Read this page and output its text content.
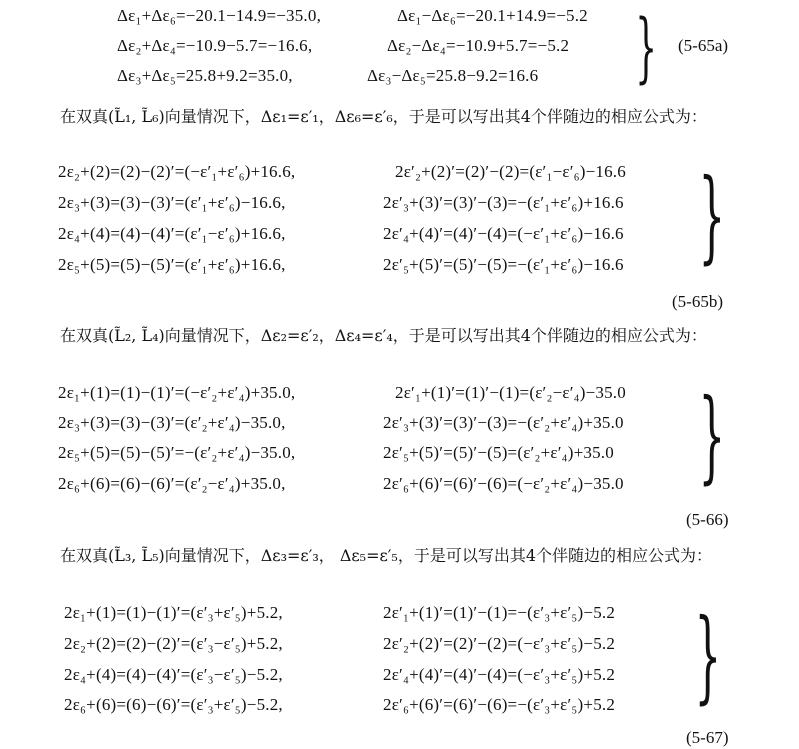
Δε₁+Δε₆=−20.1−14.9=−35.0,	Δε₁−Δε₆=−20.1+14.9=−5.2
Δε₂+Δε₄=−10.9−5.7=−16.6,	Δε₂−Δε₄=−10.9+5.7=−5.2
Δε₃+Δε₅=25.8+9.2=35.0,	Δε₃−Δε₅=25.8−9.2=16.6 } (5-65a)
在双真(L̃₁, L̃₆)向量情况下，Δε₁=ε′₁，Δε₆=ε′₆，于是可以写出其4个伴随边的相应公式为：
2ε₂+(2)=(2)−(2)′=(−ε′₁+ε′₆)+16.6,	2ε′₂+(2)′=(2)′−(2)=(ε′₁−ε′₆)−16.6
2ε₃+(3)=(3)−(3)′=(ε′₁+ε′₆)−16.6,	2ε′₃+(3)′=(3)′−(3)=−(ε′₁+ε′₆)+16.6
2ε₄+(4)=(4)−(4)′=(ε′₁−ε′₆)+16.6,	2ε′₄+(4)′=(4)′−(4)=(−ε′₁+ε′₆)−16.6
2ε₅+(5)=(5)−(5)′=(ε′₁+ε′₆)+16.6,	2ε′₅+(5)′=(5)′−(5)=−(ε′₁+ε′₆)−16.6 }
(5-65b)
在双真(L̃₂, L̃₄)向量情况下，Δε₂=ε′₂，Δε₄=ε′₄，于是可以写出其4个伴随边的相应公式为：
2ε₁+(1)=(1)−(1)′=(−ε′₂+ε′₄)+35.0,	2ε′₁+(1)′=(1)′−(1)=(ε′₂−ε′₄)−35.0
2ε₃+(3)=(3)−(3)′=(ε′₂+ε′₄)−35.0,	2ε′₃+(3)′=(3)′−(3)=−(ε′₂+ε′₄)+35.0
2ε₅+(5)=(5)−(5)′=−(ε′₂+ε′₄)−35.0,	2ε′₅+(5)′=(5)′−(5)=(ε′₂+ε′₄)+35.0
2ε₆+(6)=(6)−(6)′=(ε′₂−ε′₄)+35.0,	2ε′₆+(6)′=(6)′−(6)=(−ε′₂+ε′₄)−35.0 }
(5-66)
在双真(L̃₃, L̃₅)向量情况下，Δε₃=ε′₃， Δε₅=ε′₅，于是可以写出其4个伴随边的相应公式为：
2ε₁+(1)=(1)−(1)′=(ε′₃+ε′₅)+5.2,	2ε′₁+(1)′=(1)′−(1)=−(ε′₃+ε′₅)−5.2
2ε₂+(2)=(2)−(2)′=(ε′₃−ε′₅)+5.2,	2ε′₂+(2)′=(2)′−(2)=(−ε′₃+ε′₅)−5.2
2ε₄+(4)=(4)−(4)′=(ε′₃−ε′₅)−5.2,	2ε′₄+(4)′=(4)′−(4)=(−ε′₃+ε′₅)+5.2
2ε₆+(6)=(6)−(6)′=(ε′₃+ε′₅)−5.2,	2ε′₆+(6)′=(6)′−(6)=−(ε′₃+ε′₅)+5.2 }
(5-67)
